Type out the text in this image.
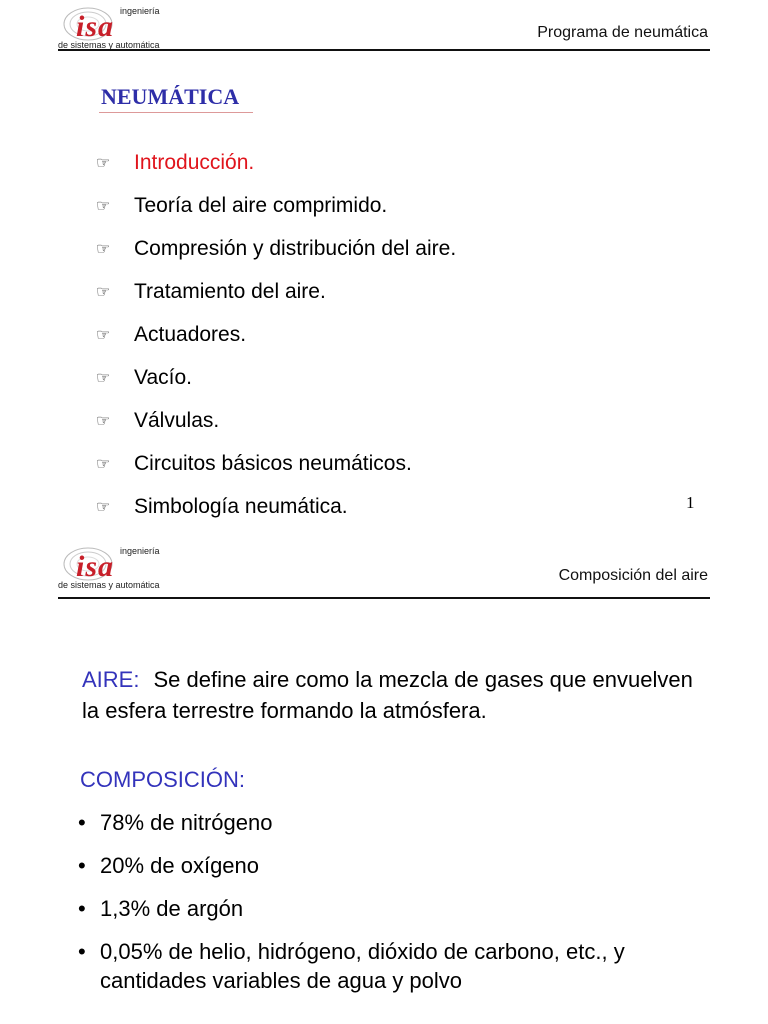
ingeniería
isa
de sistemas y automática
Programa de neumática
NEUMÁTICA
☞	Introducción.
☞	Teoría del aire comprimido.
☞	Compresión y distribución del aire.
☞	Tratamiento del aire.
☞	Actuadores.
☞	Vacío.
☞	Válvulas.
☞	Circuitos básicos neumáticos.
☞	Simbología neumática.	1
ingeniería
isa
de sistemas y automática
Composición del aire
AIRE: Se define aire como la mezcla de gases que envuelven la esfera terrestre formando la atmósfera.
COMPOSICIÓN:
• 78% de nitrógeno
• 20% de oxígeno
• 1,3% de argón
• 0,05% de helio, hidrógeno, dióxido de carbono, etc., y cantidades variables de agua y polvo
